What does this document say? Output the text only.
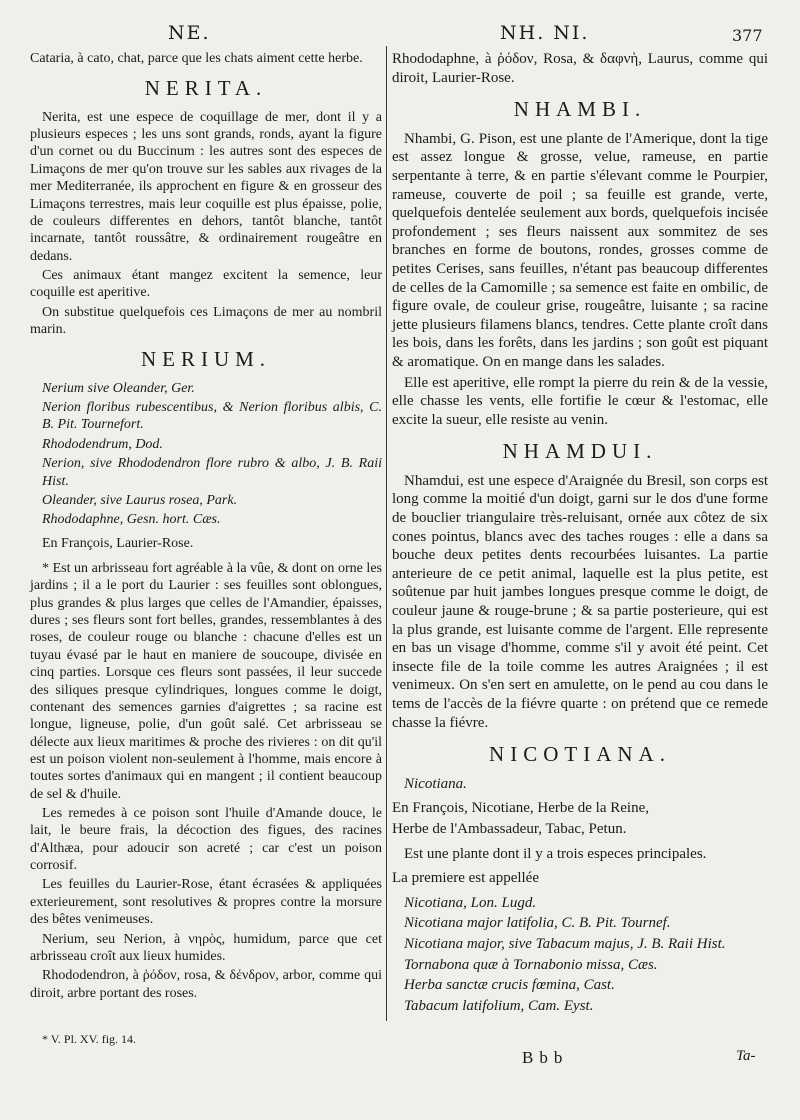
NE.	NH. NI.	377

Cataria, à cato, chat, parce que les chats aiment cette herbe.

NERITA.

Nerita, est une espece de coquillage de mer, dont il y a plusieurs especes ; les uns sont grands, ronds, ayant la figure d'un cornet ou du Buccinum : les autres sont des especes de Limaçons de mer qu'on trouve sur les sables aux rivages de la mer Mediterranée, ils approchent en figure & en grosseur des Limaçons terrestres, mais leur coquille est plus épaisse, polie, de couleurs differentes en dehors, tantôt blanche, tantôt incarnate, tantôt roussâtre, & ordinairement rougeâtre en dedans.

Ces animaux étant mangez excitent la semence, leur coquille est aperitive.

On substitue quelquefois ces Limaçons de mer au nombril marin.

NERIUM.

Nerium sive Oleander, Ger.

Nerion floribus rubescentibus, & Nerion floribus albis, C. B. Pit. Tournefort.

Rhododendrum, Dod.

Nerion, sive Rhododendron flore rubro & albo, J. B. Raii Hist.

Oleander, sive Laurus rosea, Park.

Rhododaphne, Gesn. hort. Cæs.

En François, Laurier-Rose.

* Est un arbrisseau fort agréable à la vûe, & dont on orne les jardins ; il a le port du Laurier : ses feuilles sont oblongues, plus grandes & plus larges que celles de l'Amandier, épaisses, dures ; ses fleurs sont fort belles, grandes, ressemblantes à des roses, de couleur rouge ou blanche : chacune d'elles est un tuyau évasé par le haut en maniere de soucoupe, divisée en cinq parties. Lorsque ces fleurs sont passées, il leur succede des siliques presque cylindriques, longues comme le doigt, contenant des semences garnies d'aigrettes ; sa racine est longue, ligneuse, polie, d'un goût salé. Cet arbrisseau se délecte aux lieux maritimes & proche des rivieres : on dit qu'il est un poison violent non-seulement à l'homme, mais encore à toutes sortes d'animaux qui en mangent ; il contient beaucoup de sel & d'huile.

Les remedes à ce poison sont l'huile d'Amande douce, le lait, le beure frais, la décoction des figues, des racines d'Althæa, pour adoucir son acreté ; car c'est un poison corrosif.

Les feuilles du Laurier-Rose, étant écrasées & appliquées exterieurement, sont resolutives & propres contre la morsure des bêtes venimeuses.

Nerium, seu Nerion, à νηρὸς, humidum, parce que cet arbrisseau croît aux lieux humides.

Rhododendron, à ῥόδον, rosa, & δένδρον, arbor, comme qui diroit, arbre portant des roses.

Rhododaphne, à ῥόδον, Rosa, & δαφνὴ, Laurus, comme qui diroit, Laurier-Rose.

NHAMBI.

Nhambi, G. Pison, est une plante de l'Amerique, dont la tige est assez longue & grosse, velue, rameuse, en partie serpentante à terre, & en partie s'élevant comme le Pourpier, rameuse, couverte de poil ; sa feuille est grande, verte, quelquefois dentelée seulement aux bords, quelquefois incisée profondement ; ses fleurs naissent aux sommitez de ses branches en forme de boutons, rondes, grosses comme de petites Cerises, sans feuilles, n'étant pas beaucoup differentes de celles de la Camomille ; sa semence est faite en ombilic, de figure ovale, de couleur grise, rougeâtre, luisante ; sa racine jette plusieurs filamens blancs, tendres. Cette plante croît dans les bois, dans les forêts, dans les jardins ; son goût est piquant & aromatique. On en mange dans les salades.

Elle est aperitive, elle rompt la pierre du rein & de la vessie, elle chasse les vents, elle fortifie le cœur & l'estomac, elle excite la sueur, elle resiste au venin.

NHAMDUI.

Nhamdui, est une espece d'Araignée du Bresil, son corps est long comme la moitié d'un doigt, garni sur le dos d'une forme de bouclier triangulaire très-reluisant, ornée aux côtez de six cones pointus, blancs avec des taches rouges : elle a dans sa bouche deux petites dents recourbées luisantes. La partie anterieure de ce petit animal, laquelle est la plus petite, est soûtenue par huit jambes longues presque comme le doigt, de couleur jaune & rouge-brune ; & sa partie posterieure, qui est la plus grande, est luisante comme de l'argent. Elle represente en bas un visage d'homme, comme s'il y avoit été peint. Cet insecte file de la toile comme les autres Araignées ; il est venimeux. On s'en sert en amulette, on le pend au cou dans le tems de l'accès de la fiévre quarte : on prétend que ce remede chasse la fiévre.

NICOTIANA.

Nicotiana.

En François, Nicotiane, Herbe de la Reine,

Herbe de l'Ambassadeur, Tabac, Petun.

Est une plante dont il y a trois especes principales.

La premiere est appellée

Nicotiana, Lon. Lugd.

Nicotiana major latifolia, C. B. Pit. Tournef.

Nicotiana major, sive Tabacum majus, J. B. Raii Hist.

Tornabona quæ à Tornabonio missa, Cæs.

Herba sanctæ crucis fœmina, Cast.

Tabacum latifolium, Cam. Eyst.

* V. Pl. XV. fig. 14.
Bbb	Ta-
